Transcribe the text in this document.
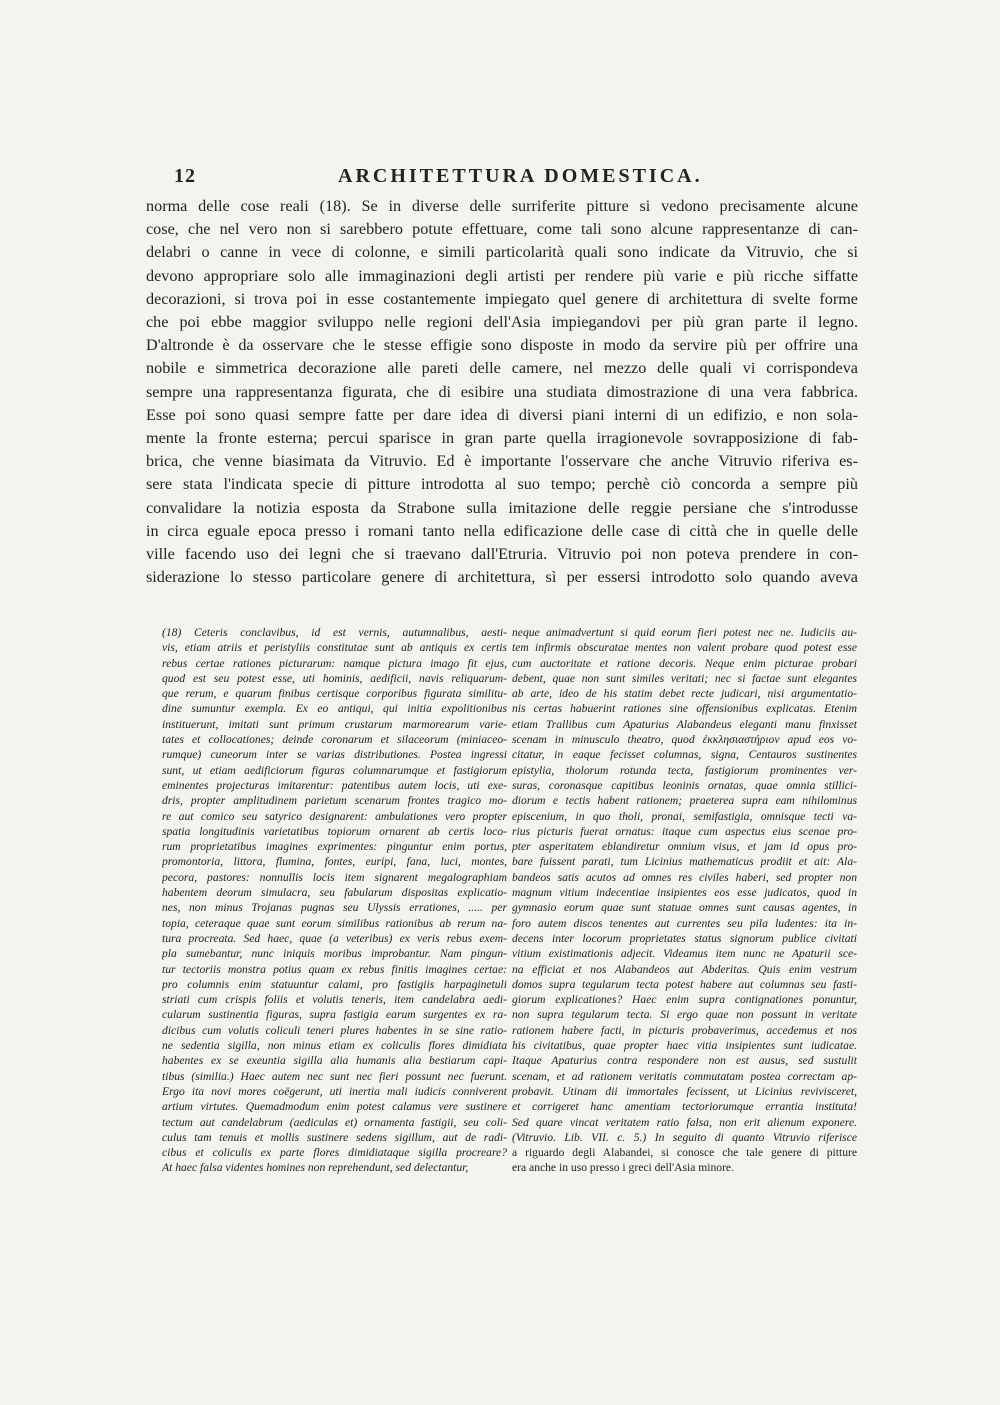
12	ARCHITETTURA DOMESTICA.
norma delle cose reali (18). Se in diverse delle surriferite pitture si vedono precisamente alcune
cose, che nel vero non si sarebbero potute effettuare, come tali sono alcune rappresentanze di can-
delabri o canne in vece di colonne, e simili particolarità quali sono indicate da Vitruvio, che si
devono appropriare solo alle immaginazioni degli artisti per rendere più varie e più ricche siffatte
decorazioni, si trova poi in esse costantemente impiegato quel genere di architettura di svelte forme
che poi ebbe maggior sviluppo nelle regioni dell'Asia impiegandovi per più gran parte il legno.
D'altronde è da osservare che le stesse effigie sono disposte in modo da servire più per offrire una
nobile e simmetrica decorazione alle pareti delle camere, nel mezzo delle quali vi corrispondeva
sempre una rappresentanza figurata, che di esibire una studiata dimostrazione di una vera fabbrica.
Esse poi sono quasi sempre fatte per dare idea di diversi piani interni di un edifizio, e non sola-
mente la fronte esterna; percui sparisce in gran parte quella irragionevole sovrapposizione di fab-
brica, che venne biasimata da Vitruvio. Ed è importante l'osservare che anche Vitruvio riferiva es-
sere stata l'indicata specie di pitture introdotta al suo tempo; perchè ciò concorda a sempre più
convalidare la notizia esposta da Strabone sulla imitazione delle reggie persiane che s'introdusse
in circa eguale epoca presso i romani tanto nella edificazione delle case di città che in quelle delle
ville facendo uso dei legni che si traevano dall'Etruria. Vitruvio poi non poteva prendere in con-
siderazione lo stesso particolare genere di architettura, sì per essersi introdotto solo quando aveva
(18) Ceteris conclavibus, id est vernis, autumnalibus, aesti-
vis, etiam atriis et peristyliis constitutae sunt ab antiquis ex certis
rebus certae rationes picturarum: namque pictura imago fit ejus,
quod est seu potest esse, uti hominis, aedificii, navis reliquarum-
que rerum, e quarum finibus certisque corporibus figurata similitu-
dine sumuntur exempla. Ex eo antiqui, qui initia expolitionibus
instituerunt, imitati sunt primum crustarum marmorearum varie-
tates et collocationes; deinde coronarum et silaceorum (miniaceo-
rumque) cuneorum inter se varias distributiones. Postea ingressi
sunt, ut etiam aedificiorum figuras columnarumque et fastigiorum
eminentes projecturas imitarentur: patentibus autem locis, uti exe-
dris, propter amplitudinem parietum scenarum frontes tragico mo-
re aut comico seu satyrico designarent: ambulationes vero propter
spatia longitudinis varietatibus topiorum ornarent ab certis loco-
rum proprietatibus imagines exprimentes: pinguntur enim portus,
promontoria, littora, flumina, fontes, euripi, fana, luci, montes,
pecora, pastores: nonnullis locis item signarent megalographiam
habentem deorum simulacra, seu fabularum dispositas explicatio-
nes, non minus Trojanas pugnas seu Ulyssis errationes, ..... per
topia, ceteraque quae sunt eorum similibus rationibus ab rerum na-
tura procreata. Sed haec, quae (a veteribus) ex veris rebus exem-
pla sumebantur, nunc iniquis moribus improbantur. Nam pingun-
tur tectoriis monstra potius quam ex rebus finitis imagines certae:
pro columnis enim statuuntur calami, pro fastigiis harpaginetuli
striati cum crispis foliis et volutis teneris, item candelabra aedi-
cularum sustinentia figuras, supra fastigia earum surgentes ex ra-
dicibus cum volutis coliculi teneri plures habentes in se sine ratio-
ne sedentia sigilla, non minus etiam ex coliculis flores dimidiata
habentes ex se exeuntia sigilla alia humanis alia bestiarum capi-
tibus (similia.) Haec autem nec sunt nec fieri possunt nec fuerunt.
Ergo ita novi mores coëgerunt, uti inertia mali iudicis conniverent
artium virtutes. Quemadmodum enim potest calamus vere sustinere
tectum aut candelabrum (aediculas et) ornamenta fastigii, seu coli-
culus tam tenuis et mollis sustinere sedens sigillum, aut de radi-
cibus et coliculis ex parte flores dimidiataque sigilla procreare?
At haec falsa videntes homines non reprehendunt, sed delectantur,
neque animadvertunt si quid eorum fieri potest nec ne. Iudiciis au-
tem infirmis obscuratae mentes non valent probare quod potest esse
cum auctoritate et ratione decoris. Neque enim picturae probari
debent, quae non sunt similes veritati; nec si factae sunt elegantes
ab arte, ideo de his statim debet recte judicari, nisi argumentatio-
nis certas habuerint rationes sine offensionibus explicatas. Etenim
etiam Trallibus cum Apaturius Alabandeus eleganti manu finxisset
scenam in minusculo theatro, quod ἐκκλησιαστήριον apud eos vo-
citatur, in eaque fecisset columnas, signa, Centauros sustinentes
epistylia, tholorum rotunda tecta, fastigiorum prominentes ver-
suras, coronasque capitibus leoninis ornatas, quae omnia stillici-
diorum e tectis habent rationem; praeterea supra eam nihilominus
episcenium, in quo tholi, pronai, semifastigia, omnisque tecti va-
rius picturis fuerat ornatus: itaque cum aspectus eius scenae pro-
pter asperitatem eblandiretur omnium visus, et jam id opus pro-
bare fuissent parati, tum Licinius mathematicus prodiit et ait: Ala-
bandeos satis acutos ad omnes res civiles haberi, sed propter non
magnum vitium indecentiae insipientes eos esse judicatos, quod in
gymnasio eorum quae sunt statuae omnes sunt causas agentes, in
foro autem discos tenentes aut currentes seu pila ludentes: ita in-
decens inter locorum proprietates status signorum publice civitati
vitium existimationis adjecit. Videamus item nunc ne Apaturii sce-
na efficiat et nos Alabandeos aut Abderitas. Quis enim vestrum
domos supra tegularum tecta potest habere aut columnas seu fasti-
giorum explicationes? Haec enim supra contignationes ponuntur,
non supra tegularum tecta. Si ergo quae non possunt in veritate
rationem habere facti, in picturis probaverimus, accedemus et nos
his civitatibus, quae propter haec vitia insipientes sunt iudicatae.
Itaque Apaturius contra respondere non est ausus, sed sustulit
scenam, et ad rationem veritatis commutatam postea correctam ap-
probavit. Utinam dii immortales fecissent, ut Licinius revivisceret,
et corrigeret hanc amentiam tectoriorumque errantia instituta!
Sed quare vincat veritatem ratio falsa, non erit alienum exponere.
(Vitruvio. Lib. VII. c. 5.) In seguito di quanto Vitruvio riferisce
a riguardo degli Alabandei, si conosce che tale genere di pitture
era anche in uso presso i greci dell'Asia minore.
